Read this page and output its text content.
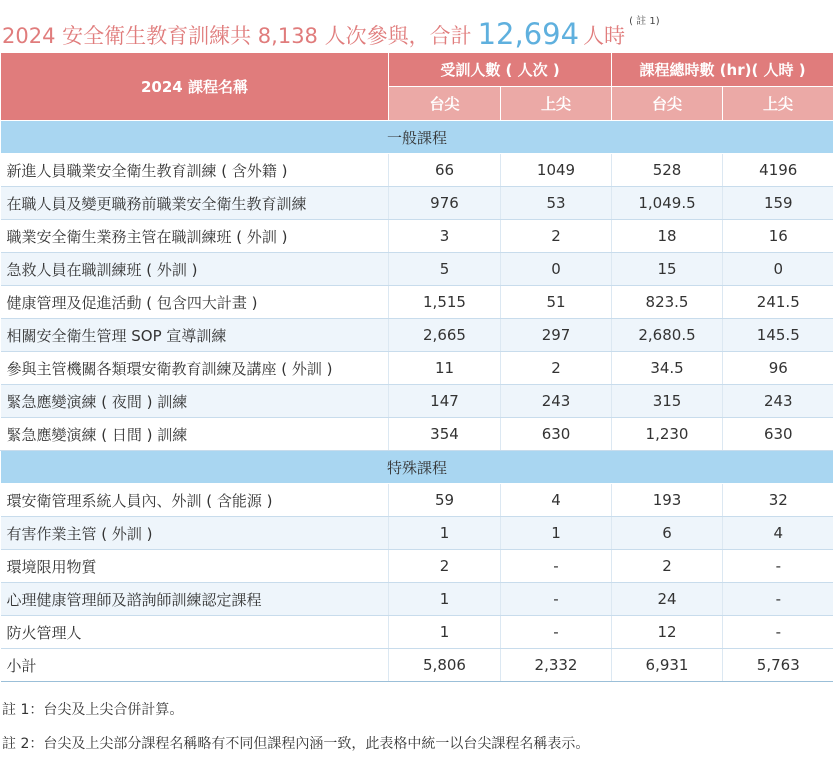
2024 安全衛生教育訓練共 8,138 人次參與，合計 12,694 人時
$^{( 註 1)}$
2024 課程名稱	受訓人數 ( 人次 )		課程總時數 (hr)( 人時 )	
	台尖	上尖	台尖	上尖
一般課程				
新進人員職業安全衛生教育訓練 ( 含外籍 )	66	1049	528	4196
在職人員及變更職務前職業安全衛生教育訓練	976	53	1,049.5	159
職業安全衛生業務主管在職訓練班 ( 外訓 )	3	2	18	16
急救人員在職訓練班 ( 外訓 )	5	0	15	0
健康管理及促進活動 ( 包含四大計畫 )	1,515	51	823.5	241.5
相關安全衛生管理 SOP 宣導訓練	2,665	297	2,680.5	145.5
參與主管機關各類環安衛教育訓練及講座 ( 外訓 )	11	2	34.5	96
緊急應變演練 ( 夜間 ) 訓練	147	243	315	243
緊急應變演練 ( 日間 ) 訓練	354	630	1,230	630
特殊課程				
環安衛管理系統人員內、外訓 ( 含能源 )	59	4	193	32
有害作業主管 ( 外訓 )	1	1	6	4
環境限用物質	2	-	2	-
心理健康管理師及諮詢師訓練認定課程	1	-	24	-
防火管理人	1	-	12	-
小計	5,806	2,332	6,931	5,763
註 1：台尖及上尖合併計算。
註 2：台尖及上尖部分課程名稱略有不同但課程內涵一致，此表格中統一以台尖課程名稱表示。
